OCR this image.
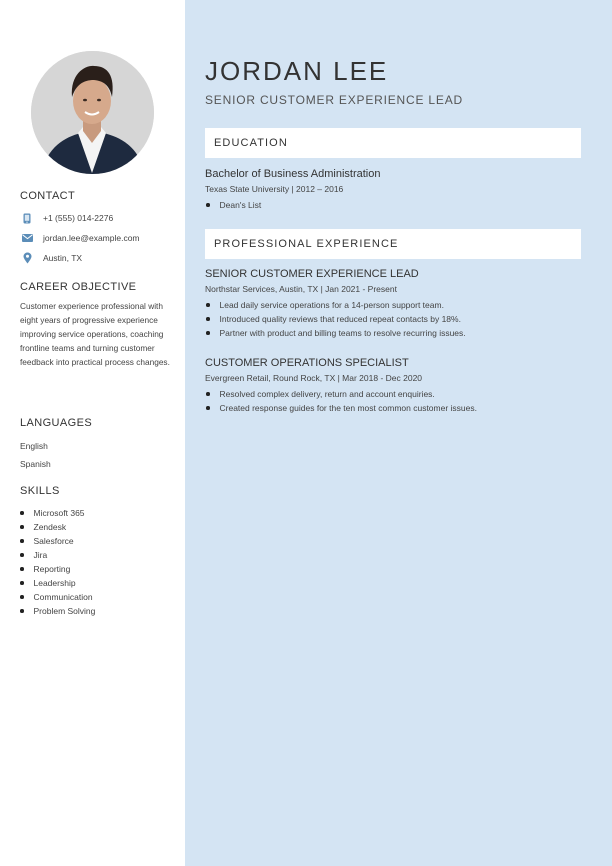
CONTACT
+1 (555) 014-2276
jordan.lee@example.com
Austin, TX
CAREER OBJECTIVE
Customer experience professional with eight years of progressive experience improving service operations, coaching frontline teams and turning customer feedback into practical process changes.
LANGUAGES
English
Spanish
SKILLS
Microsoft 365
Zendesk
Salesforce
Jira
Reporting
Leadership
Communication
Problem Solving
JORDAN LEE
SENIOR CUSTOMER EXPERIENCE LEAD
EDUCATION
Bachelor of Business Administration
Texas State University | 2012 – 2016
Dean's List
PROFESSIONAL EXPERIENCE
SENIOR CUSTOMER EXPERIENCE LEAD
Northstar Services, Austin, TX | Jan 2021 - Present
Lead daily service operations for a 14-person support team.
Introduced quality reviews that reduced repeat contacts by 18%.
Partner with product and billing teams to resolve recurring issues.
CUSTOMER OPERATIONS SPECIALIST
Evergreen Retail, Round Rock, TX | Mar 2018 - Dec 2020
Resolved complex delivery, return and account enquiries.
Created response guides for the ten most common customer issues.
